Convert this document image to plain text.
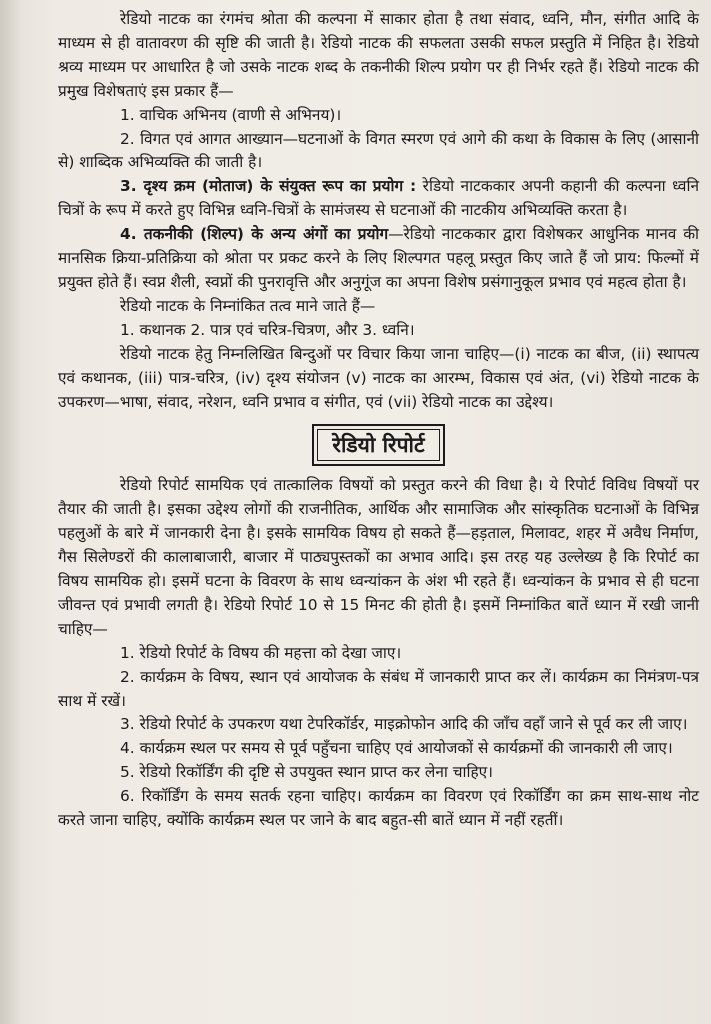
रेडियो नाटक का रंगमंच श्रोता की कल्पना में साकार होता है तथा संवाद, ध्वनि, मौन, संगीत आदि के माध्यम से ही वातावरण की सृष्टि की जाती है। रेडियो नाटक की सफलता उसकी सफल प्रस्तुति में निहित है। रेडियो श्रव्य माध्यम पर आधारित है जो उसके नाटक शब्द के तकनीकी शिल्प प्रयोग पर ही निर्भर रहते हैं। रेडियो नाटक की प्रमुख विशेषताएं इस प्रकार हैं—

1. वाचिक अभिनय (वाणी से अभिनय)।

2. विगत एवं आगत आख्यान—घटनाओं के विगत स्मरण एवं आगे की कथा के विकास के लिए (आसानी से) शाब्दिक अभिव्यक्ति की जाती है।

3. दृश्य क्रम (मोताज) के संयुक्त रूप का प्रयोग : रेडियो नाटककार अपनी कहानी की कल्पना ध्वनि चित्रों के रूप में करते हुए विभिन्न ध्वनि-चित्रों के सामंजस्य से घटनाओं की नाटकीय अभिव्यक्ति करता है।

4. तकनीकी (शिल्प) के अन्य अंगों का प्रयोग—रेडियो नाटककार द्वारा विशेषकर आधुनिक मानव की मानसिक क्रिया-प्रतिक्रिया को श्रोता पर प्रकट करने के लिए शिल्पगत पहलू प्रस्तुत किए जाते हैं जो प्राय: फिल्मों में प्रयुक्त होते हैं। स्वप्न शैली, स्वप्नों की पुनरावृत्ति और अनुगूंज का अपना विशेष प्रसंगानुकूल प्रभाव एवं महत्व होता है।

रेडियो नाटक के निम्नांकित तत्व माने जाते हैं—

1. कथानक 2. पात्र एवं चरित्र-चित्रण, और 3. ध्वनि।

रेडियो नाटक हेतु निम्नलिखित बिन्दुओं पर विचार किया जाना चाहिए—(i) नाटक का बीज, (ii) स्थापत्य एवं कथानक, (iii) पात्र-चरित्र, (iv) दृश्य संयोजन (v) नाटक का आरम्भ, विकास एवं अंत, (vi) रेडियो नाटक के उपकरण—भाषा, संवाद, नरेशन, ध्वनि प्रभाव व संगीत, एवं (vii) रेडियो नाटक का उद्देश्य।

रेडियो रिपोर्ट

रेडियो रिपोर्ट सामयिक एवं तात्कालिक विषयों को प्रस्तुत करने की विधा है। ये रिपोर्ट विविध विषयों पर तैयार की जाती है। इसका उद्देश्य लोगों की राजनीतिक, आर्थिक और सामाजिक और सांस्कृतिक घटनाओं के विभिन्न पहलुओं के बारे में जानकारी देना है। इसके सामयिक विषय हो सकते हैं—हड़ताल, मिलावट, शहर में अवैध निर्माण, गैस सिलेण्डरों की कालाबाजारी, बाजार में पाठ्यपुस्तकों का अभाव आदि। इस तरह यह उल्लेख्य है कि रिपोर्ट का विषय सामयिक हो। इसमें घटना के विवरण के साथ ध्वन्यांकन के अंश भी रहते हैं। ध्वन्यांकन के प्रभाव से ही घटना जीवन्त एवं प्रभावी लगती है। रेडियो रिपोर्ट 10 से 15 मिनट की होती है। इसमें निम्नांकित बातें ध्यान में रखी जानी चाहिए—

1. रेडियो रिपोर्ट के विषय की महत्ता को देखा जाए।

2. कार्यक्रम के विषय, स्थान एवं आयोजक के संबंध में जानकारी प्राप्त कर लें। कार्यक्रम का निमंत्रण-पत्र साथ में रखें।

3. रेडियो रिपोर्ट के उपकरण यथा टेपरिकॉर्डर, माइक्रोफोन आदि की जाँच वहाँ जाने से पूर्व कर ली जाए।

4. कार्यक्रम स्थल पर समय से पूर्व पहुँचना चाहिए एवं आयोजकों से कार्यक्रमों की जानकारी ली जाए।

5. रेडियो रिकॉर्डिंग की दृष्टि से उपयुक्त स्थान प्राप्त कर लेना चाहिए।

6. रिकॉर्डिंग के समय सतर्क रहना चाहिए। कार्यक्रम का विवरण एवं रिकॉर्डिंग का क्रम साथ-साथ नोट करते जाना चाहिए, क्योंकि कार्यक्रम स्थल पर जाने के बाद बहुत-सी बातें ध्यान में नहीं रहतीं।
